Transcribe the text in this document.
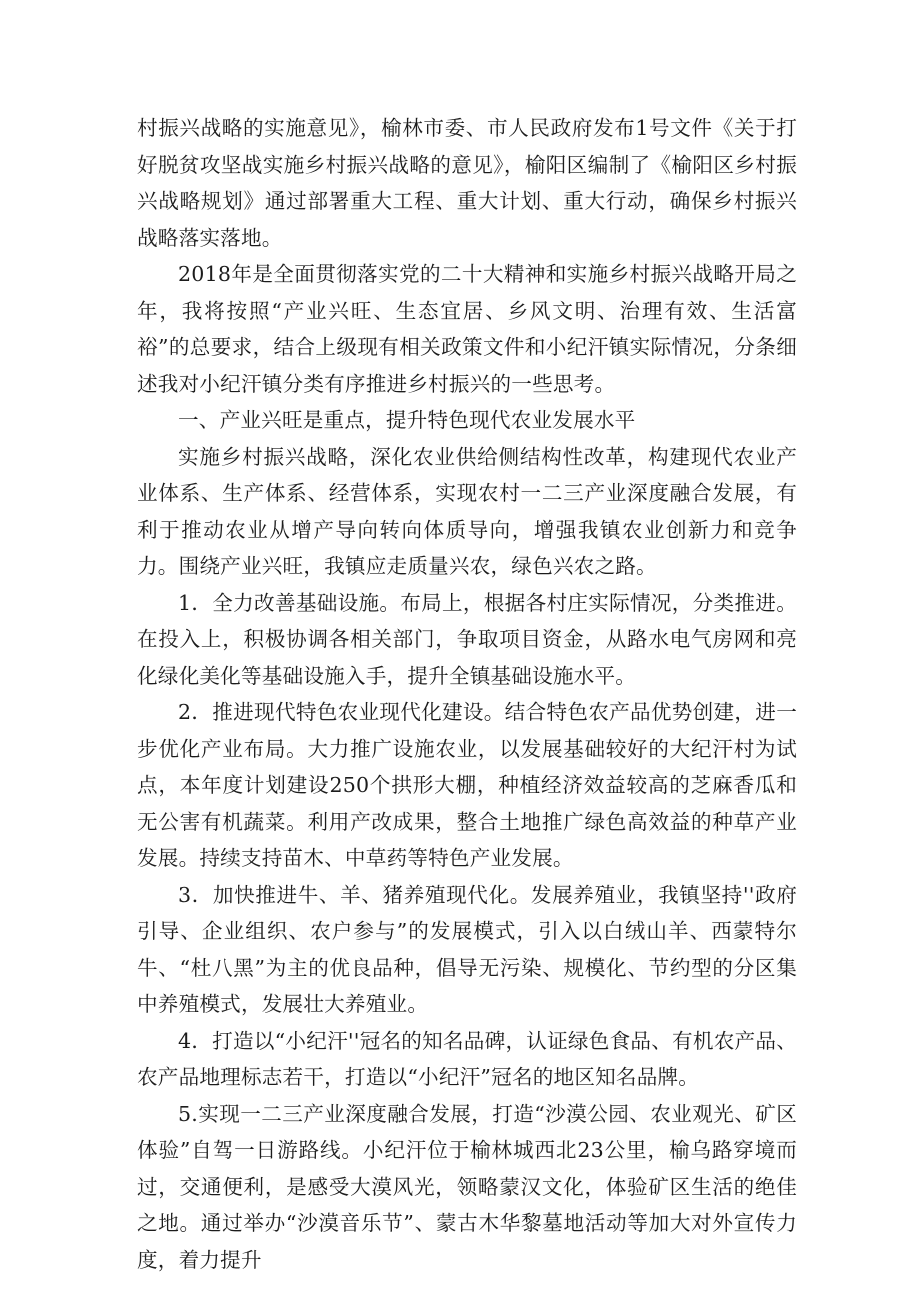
村振兴战略的实施意见》，榆林市委、市人民政府发布1号文件《关于打好脱贫攻坚战实施乡村振兴战略的意见》，榆阳区编制了《榆阳区乡村振兴战略规划》通过部署重大工程、重大计划、重大行动，确保乡村振兴战略落实落地。

2018年是全面贯彻落实党的二十大精神和实施乡村振兴战略开局之年，我将按照“产业兴旺、生态宜居、乡风文明、治理有效、生活富裕”的总要求，结合上级现有相关政策文件和小纪汗镇实际情况，分条细述我对小纪汗镇分类有序推进乡村振兴的一些思考。

一、产业兴旺是重点，提升特色现代农业发展水平

实施乡村振兴战略，深化农业供给侧结构性改革，构建现代农业产业体系、生产体系、经营体系，实现农村一二三产业深度融合发展，有利于推动农业从增产导向转向体质导向，增强我镇农业创新力和竞争力。围绕产业兴旺，我镇应走质量兴农，绿色兴农之路。

1．全力改善基础设施。布局上，根据各村庄实际情况，分类推进。在投入上，积极协调各相关部门，争取项目资金，从路水电气房网和亮化绿化美化等基础设施入手，提升全镇基础设施水平。

2．推进现代特色农业现代化建设。结合特色农产品优势创建，进一步优化产业布局。大力推广设施农业，以发展基础较好的大纪汗村为试点，本年度计划建设250个拱形大棚，种植经济效益较高的芝麻香瓜和无公害有机蔬菜。利用产改成果，整合土地推广绿色高效益的种草产业发展。持续支持苗木、中草药等特色产业发展。

3．加快推进牛、羊、猪养殖现代化。发展养殖业，我镇坚持''政府引导、企业组织、农户参与”的发展模式，引入以白绒山羊、西蒙特尔牛、“杜八黑”为主的优良品种，倡导无污染、规模化、节约型的分区集中养殖模式，发展壮大养殖业。

4．打造以“小纪汗''冠名的知名品碑，认证绿色食品、有机农产品、农产品地理标志若干，打造以“小纪汗”冠名的地区知名品牌。

5.实现一二三产业深度融合发展，打造“沙漠公园、农业观光、矿区体验”自驾一日游路线。小纪汗位于榆林城西北23公里，榆乌路穿境而过，交通便利，是感受大漠风光，领略蒙汉文化，体验矿区生活的绝佳之地。通过举办“沙漠音乐节”、蒙古木华黎墓地活动等加大对外宣传力度，着力提升
